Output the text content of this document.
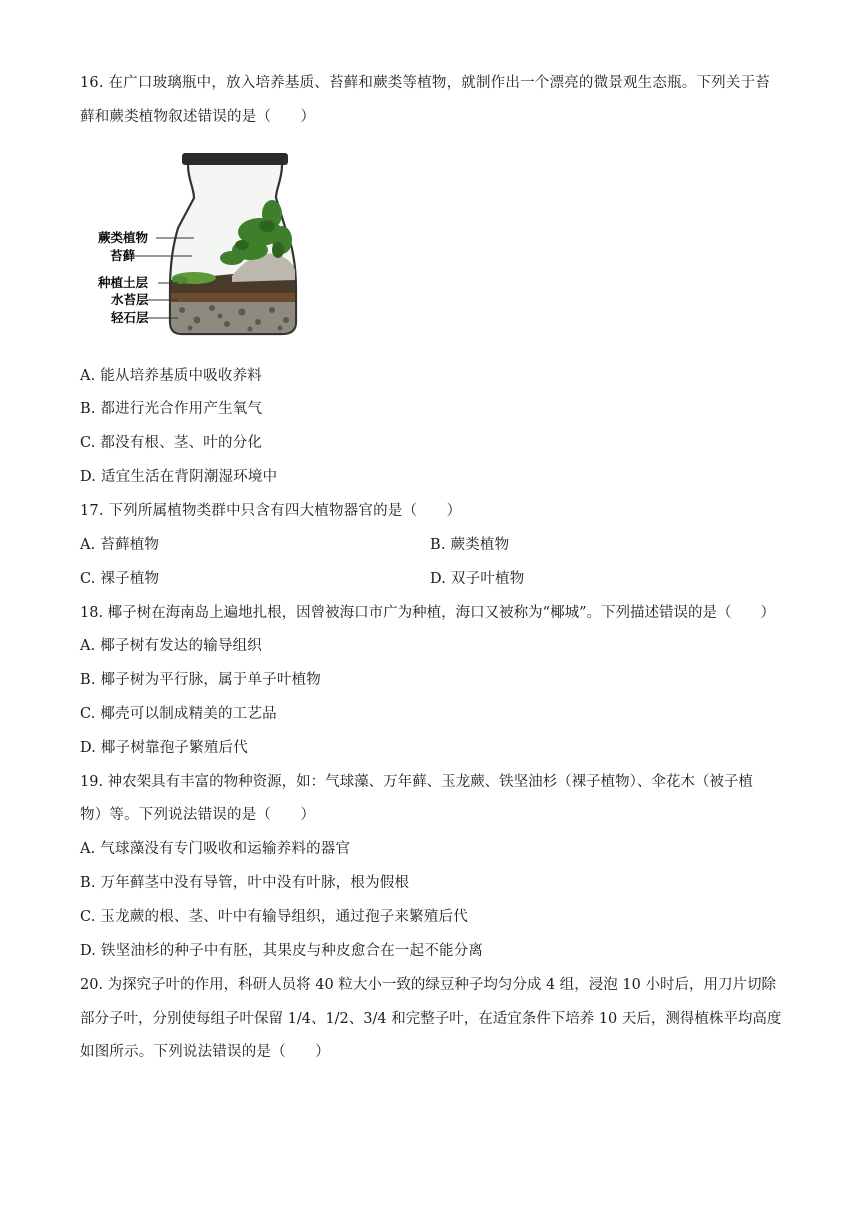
16. 在广口玻璃瓶中，放入培养基质、苔藓和蕨类等植物，就制作出一个漂亮的微景观生态瓶。下列关于苔
藓和蕨类植物叙述错误的是（　　）
蕨类植物
苔藓
种植土层
水苔层
轻石层
A. 能从培养基质中吸收养料
B. 都进行光合作用产生氧气
C. 都没有根、茎、叶的分化
D. 适宜生活在背阴潮湿环境中
17. 下列所属植物类群中只含有四大植物器官的是（　　）
A. 苔藓植物	B. 蕨类植物
C. 裸子植物	D. 双子叶植物
18. 椰子树在海南岛上遍地扎根，因曾被海口市广为种植，海口又被称为“椰城”。下列描述错误的是（　　）
A. 椰子树有发达的输导组织
B. 椰子树为平行脉，属于单子叶植物
C. 椰壳可以制成精美的工艺品
D. 椰子树靠孢子繁殖后代
19. 神农架具有丰富的物种资源，如：气球藻、万年藓、玉龙蕨、铁坚油杉（裸子植物）、伞花木（被子植
物）等。下列说法错误的是（　　）
A. 气球藻没有专门吸收和运输养料的器官
B. 万年藓茎中没有导管，叶中没有叶脉，根为假根
C. 玉龙蕨的根、茎、叶中有输导组织，通过孢子来繁殖后代
D. 铁坚油杉的种子中有胚，其果皮与种皮愈合在一起不能分离
20. 为探究子叶的作用，科研人员将 40 粒大小一致的绿豆种子均匀分成 4 组，浸泡 10 小时后，用刀片切除
部分子叶，分别使每组子叶保留 1/4、1/2、3/4 和完整子叶，在适宜条件下培养 10 天后，测得植株平均高度
如图所示。下列说法错误的是（　　）
